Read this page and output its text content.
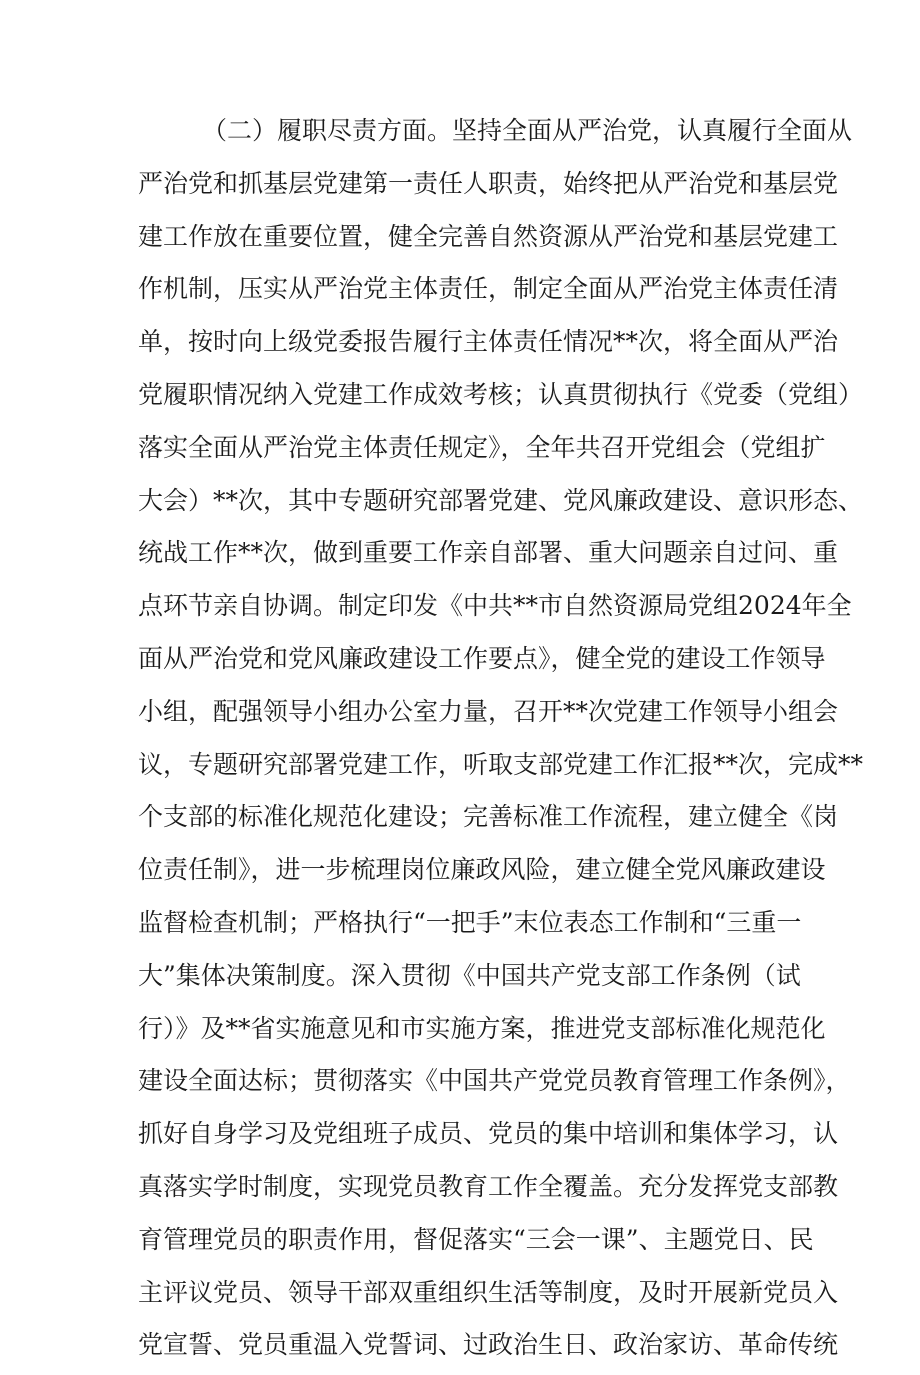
（二）履职尽责方面。坚持全面从严治党，认真履行全面从
严治党和抓基层党建第一责任人职责，始终把从严治党和基层党
建工作放在重要位置，健全完善自然资源从严治党和基层党建工
作机制，压实从严治党主体责任，制定全面从严治党主体责任清
单，按时向上级党委报告履行主体责任情况**次，将全面从严治
党履职情况纳入党建工作成效考核；认真贯彻执行《党委（党组）
落实全面从严治党主体责任规定》，全年共召开党组会（党组扩
大会）**次，其中专题研究部署党建、党风廉政建设、意识形态、
统战工作**次，做到重要工作亲自部署、重大问题亲自过问、重
点环节亲自协调。制定印发《中共**市自然资源局党组2024年全
面从严治党和党风廉政建设工作要点》，健全党的建设工作领导
小组，配强领导小组办公室力量，召开**次党建工作领导小组会
议，专题研究部署党建工作，听取支部党建工作汇报**次，完成**
个支部的标准化规范化建设；完善标准工作流程，建立健全《岗
位责任制》，进一步梳理岗位廉政风险，建立健全党风廉政建设
监督检查机制；严格执行“一把手”末位表态工作制和“三重一
大”集体决策制度。深入贯彻《中国共产党支部工作条例（试
行）》及**省实施意见和市实施方案，推进党支部标准化规范化
建设全面达标；贯彻落实《中国共产党党员教育管理工作条例》，
抓好自身学习及党组班子成员、党员的集中培训和集体学习，认
真落实学时制度，实现党员教育工作全覆盖。充分发挥党支部教
育管理党员的职责作用，督促落实“三会一课”、主题党日、民
主评议党员、领导干部双重组织生活等制度，及时开展新党员入
党宣誓、党员重温入党誓词、过政治生日、政治家访、革命传统
